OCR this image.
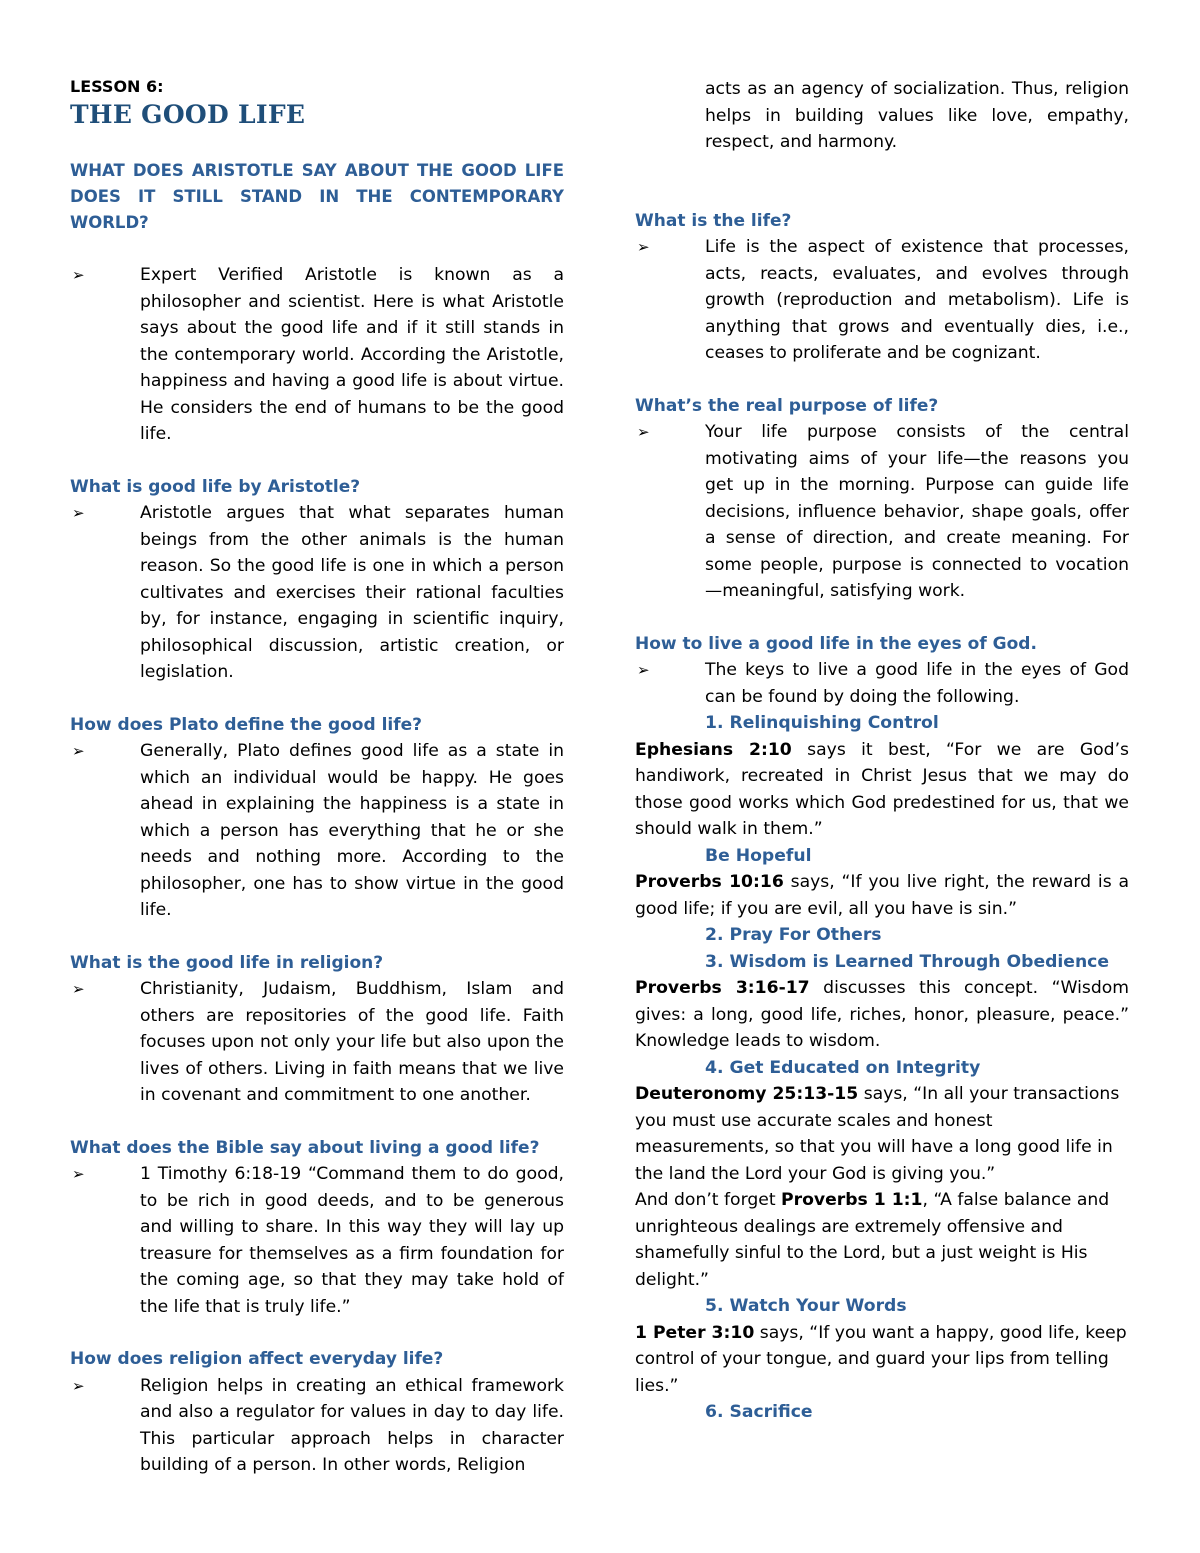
LESSON 6:

THE GOOD LIFE

WHAT DOES ARISTOTLE SAY ABOUT THE GOOD LIFE DOES IT STILL STAND IN THE CONTEMPORARY WORLD?

➢	Expert Verified Aristotle is known as a philosopher and scientist. Here is what Aristotle says about the good life and if it still stands in the contemporary world. According the Aristotle, happiness and having a good life is about virtue. He considers the end of humans to be the good life.

What is good life by Aristotle?

➢	Aristotle argues that what separates human beings from the other animals is the human reason. So the good life is one in which a person cultivates and exercises their rational faculties by, for instance, engaging in scientific inquiry, philosophical discussion, artistic creation, or legislation.

How does Plato define the good life?

➢	Generally, Plato defines good life as a state in which an individual would be happy. He goes ahead in explaining the happiness is a state in which a person has everything that he or she needs and nothing more. According to the philosopher, one has to show virtue in the good life.

What is the good life in religion?

➢	Christianity, Judaism, Buddhism, Islam and others are repositories of the good life. Faith focuses upon not only your life but also upon the lives of others. Living in faith means that we live in covenant and commitment to one another.

What does the Bible say about living a good life?

➢	1 Timothy 6:18-19 “Command them to do good, to be rich in good deeds, and to be generous and willing to share. In this way they will lay up treasure for themselves as a firm foundation for the coming age, so that they may take hold of the life that is truly life.”

How does religion affect everyday life?

➢	Religion helps in creating an ethical framework and also a regulator for values in day to day life. This particular approach helps in character building of a person. In other words, Religion

acts as an agency of socialization. Thus, religion helps in building values like love, empathy, respect, and harmony.

What is the life?

➢	Life is the aspect of existence that processes, acts, reacts, evaluates, and evolves through growth (reproduction and metabolism). Life is anything that grows and eventually dies, i.e., ceases to proliferate and be cognizant.

What’s the real purpose of life?

➢	Your life purpose consists of the central motivating aims of your life—the reasons you get up in the morning. Purpose can guide life decisions, influence behavior, shape goals, offer a sense of direction, and create meaning. For some people, purpose is connected to vocation —meaningful, satisfying work.

How to live a good life in the eyes of God.

➢	The keys to live a good life in the eyes of God can be found by doing the following.

1. Relinquishing Control

Ephesians 2:10 says it best, “For we are God’s handiwork, recreated in Christ Jesus that we may do those good works which God predestined for us, that we should walk in them.”

Be Hopeful

Proverbs 10:16 says, “If you live right, the reward is a good life; if you are evil, all you have is sin.”

2. Pray For Others

3. Wisdom is Learned Through Obedience

Proverbs 3:16-17 discusses this concept. “Wisdom gives: a long, good life, riches, honor, pleasure, peace.” Knowledge leads to wisdom.

4. Get Educated on Integrity

Deuteronomy 25:13-15 says, “In all your transactions you must use accurate scales and honest measurements, so that you will have a long good life in the land the Lord your God is giving you.”

And don’t forget Proverbs 1 1:1, “A false balance and unrighteous dealings are extremely offensive and shamefully sinful to the Lord, but a just weight is His delight.”

5. Watch Your Words

1 Peter 3:10 says, “If you want a happy, good life, keep control of your tongue, and guard your lips from telling lies.”

6. Sacrifice
